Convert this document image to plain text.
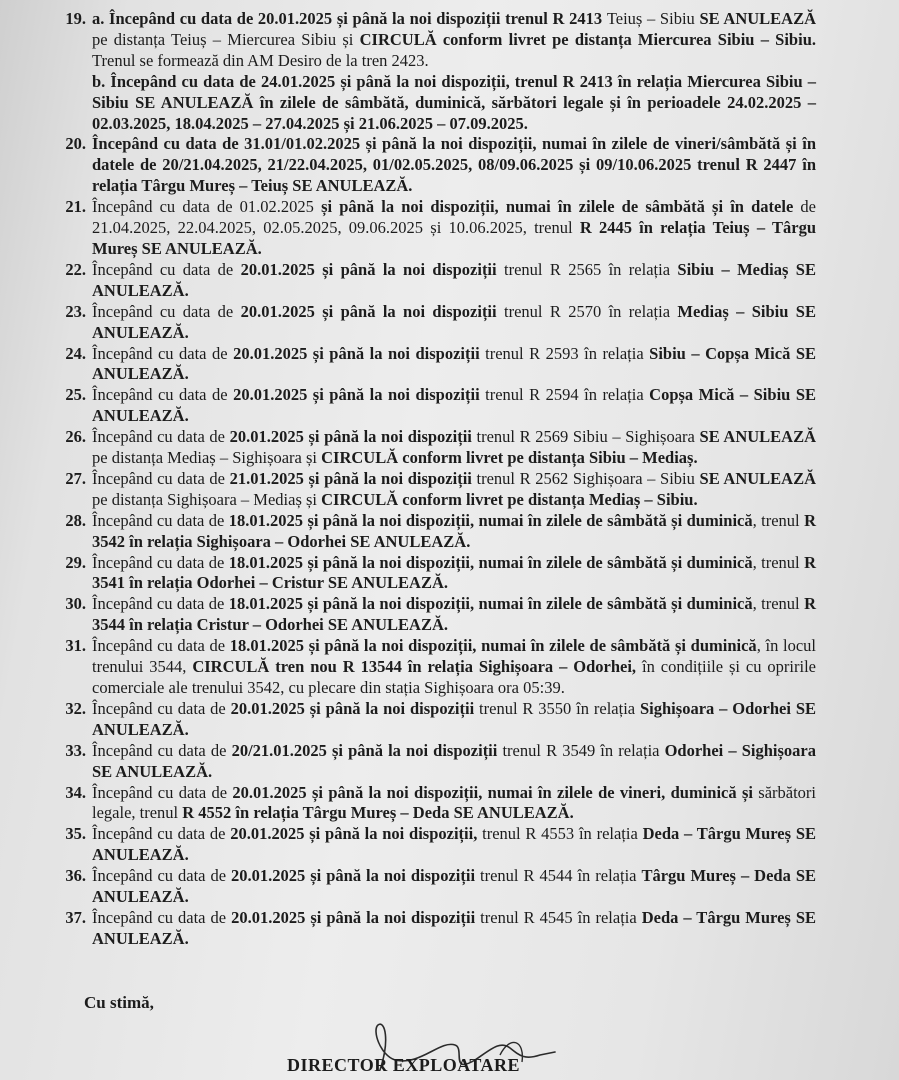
19. a. Începând cu data de 20.01.2025 și până la noi dispoziții trenul R 2413 Teiuș – Sibiu SE ANULEAZĂ pe distanța Teiuș – Miercurea Sibiu și CIRCULĂ conform livret pe distanța Miercurea Sibiu – Sibiu. Trenul se formează din AM Desiro de la tren 2423.

b. Începând cu data de 24.01.2025 și până la noi dispoziții, trenul R 2413 în relația Miercurea Sibiu – Sibiu SE ANULEAZĂ în zilele de sâmbătă, duminică, sărbători legale și în perioadele 24.02.2025 – 02.03.2025, 18.04.2025 – 27.04.2025 și 21.06.2025 – 07.09.2025.

20. Începând cu data de 31.01/01.02.2025 și până la noi dispoziții, numai în zilele de vineri/sâmbătă și în datele de 20/21.04.2025, 21/22.04.2025, 01/02.05.2025, 08/09.06.2025 și 09/10.06.2025 trenul R 2447 în relația Târgu Mureș – Teiuș SE ANULEAZĂ.

21. Începând cu data de 01.02.2025 și până la noi dispoziții, numai în zilele de sâmbătă și în datele de 21.04.2025, 22.04.2025, 02.05.2025, 09.06.2025 și 10.06.2025, trenul R 2445 în relația Teiuș – Târgu Mureș SE ANULEAZĂ.

22. Începând cu data de 20.01.2025 și până la noi dispoziții trenul R 2565 în relația Sibiu – Mediaș SE ANULEAZĂ.

23. Începând cu data de 20.01.2025 și până la noi dispoziții trenul R 2570 în relația Mediaș – Sibiu SE ANULEAZĂ.

24. Începând cu data de 20.01.2025 și până la noi dispoziții trenul R 2593 în relația Sibiu – Copșa Mică SE ANULEAZĂ.

25. Începând cu data de 20.01.2025 și până la noi dispoziții trenul R 2594 în relația Copșa Mică – Sibiu SE ANULEAZĂ.

26. Începând cu data de 20.01.2025 și până la noi dispoziții trenul R 2569 Sibiu – Sighișoara SE ANULEAZĂ pe distanța Mediaș – Sighișoara și CIRCULĂ conform livret pe distanța Sibiu – Mediaș.

27. Începând cu data de 21.01.2025 și până la noi dispoziții trenul R 2562 Sighișoara – Sibiu SE ANULEAZĂ pe distanța Sighișoara – Mediaș și CIRCULĂ conform livret pe distanța Mediaș – Sibiu.

28. Începând cu data de 18.01.2025 și până la noi dispoziții, numai în zilele de sâmbătă și duminică, trenul R 3542 în relația Sighișoara – Odorhei SE ANULEAZĂ.

29. Începând cu data de 18.01.2025 și până la noi dispoziții, numai în zilele de sâmbătă și duminică, trenul R 3541 în relația Odorhei – Cristur SE ANULEAZĂ.

30. Începând cu data de 18.01.2025 și până la noi dispoziții, numai în zilele de sâmbătă și duminică, trenul R 3544 în relația Cristur – Odorhei SE ANULEAZĂ.

31. Începând cu data de 18.01.2025 și până la noi dispoziții, numai în zilele de sâmbătă și duminică, în locul trenului 3544, CIRCULĂ tren nou R 13544 în relația Sighișoara – Odorhei, în condițiile și cu opririle comerciale ale trenului 3542, cu plecare din stația Sighișoara ora 05:39.

32. Începând cu data de 20.01.2025 și până la noi dispoziții trenul R 3550 în relația Sighișoara – Odorhei SE ANULEAZĂ.

33. Începând cu data de 20/21.01.2025 și până la noi dispoziții trenul R 3549 în relația Odorhei – Sighișoara SE ANULEAZĂ.

34. Începând cu data de 20.01.2025 și până la noi dispoziții, numai în zilele de vineri, duminică și sărbători legale, trenul R 4552 în relația Târgu Mureș – Deda SE ANULEAZĂ.

35. Începând cu data de 20.01.2025 și până la noi dispoziții, trenul R 4553 în relația Deda – Târgu Mureș SE ANULEAZĂ.

36. Începând cu data de 20.01.2025 și până la noi dispoziții trenul R 4544 în relația Târgu Mureș – Deda SE ANULEAZĂ.

37. Începând cu data de 20.01.2025 și până la noi dispoziții trenul R 4545 în relația Deda – Târgu Mureș SE ANULEAZĂ.

Cu stimă,
DIRECTOR EXPLOATARE
